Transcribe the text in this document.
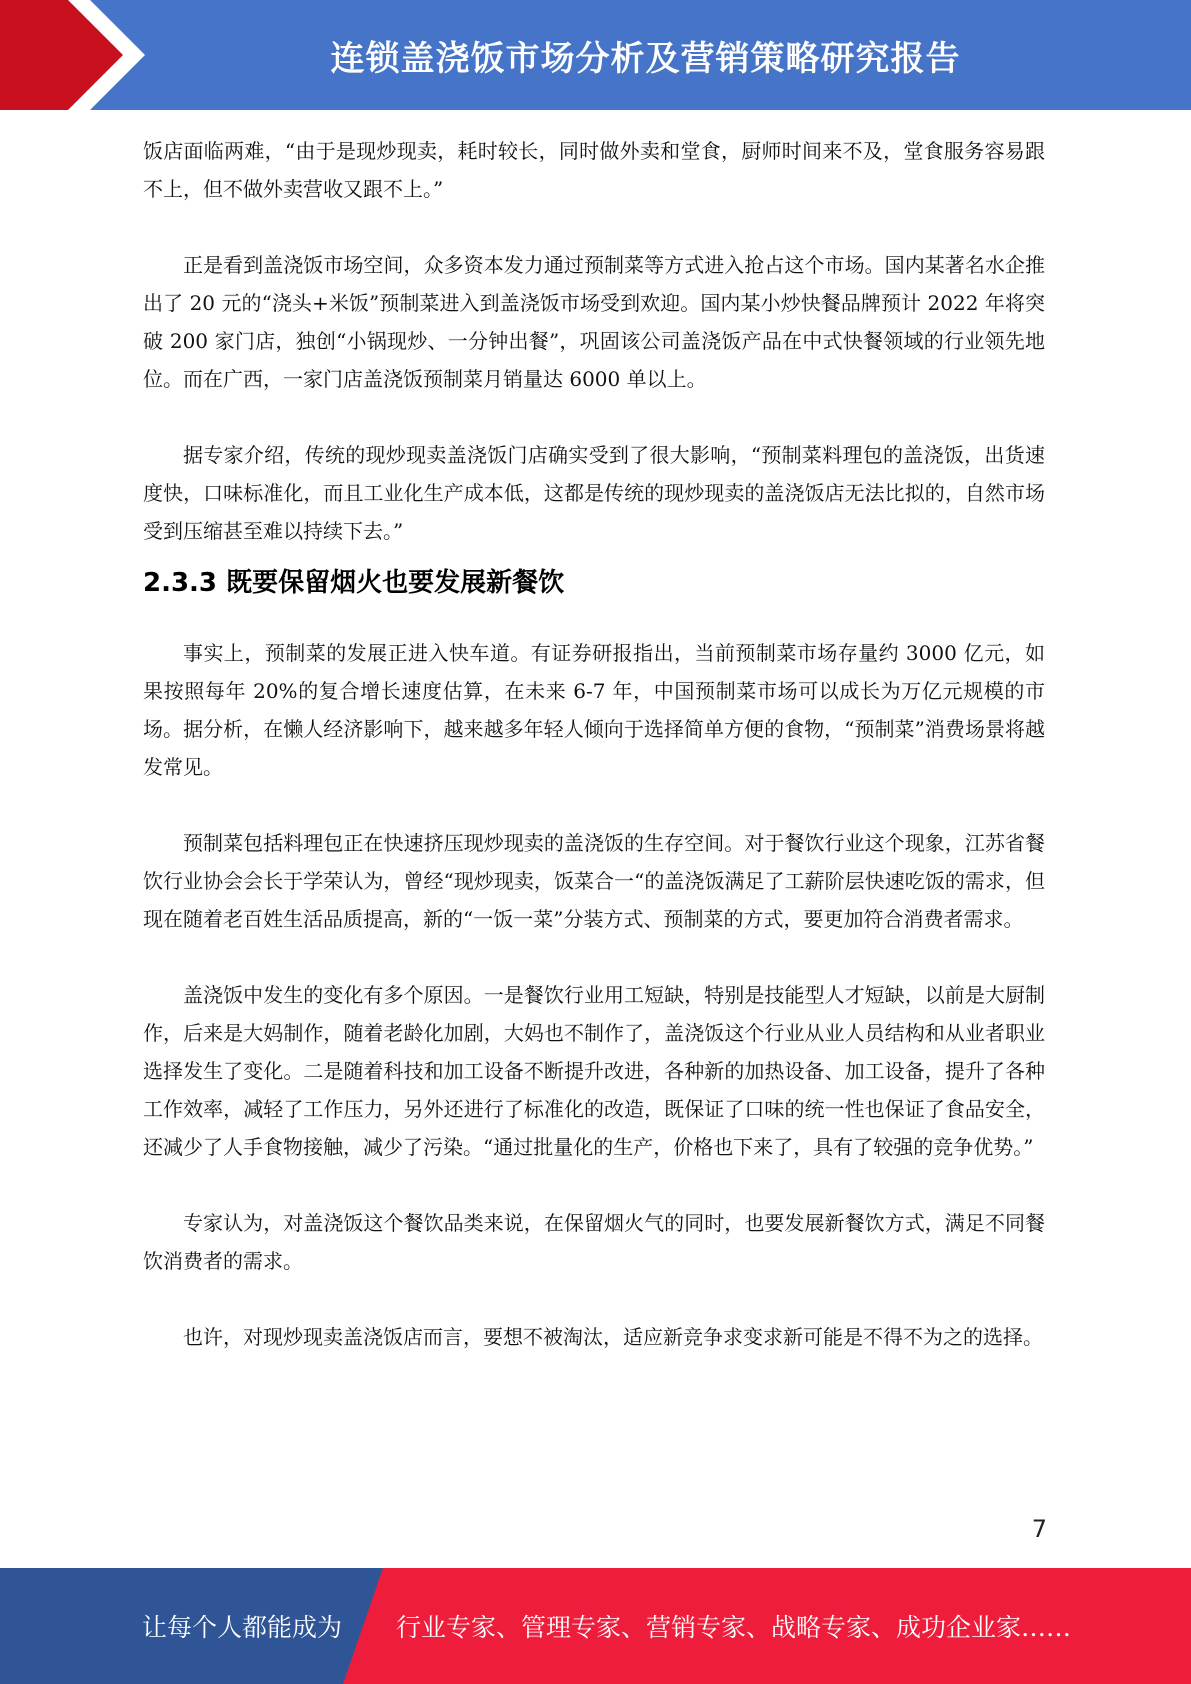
连锁盖浇饭市场分析及营销策略研究报告

饭店面临两难，“由于是现炒现卖，耗时较长，同时做外卖和堂食，厨师时间来不及，堂食服务容易跟不上，但不做外卖营收又跟不上。”

正是看到盖浇饭市场空间，众多资本发力通过预制菜等方式进入抢占这个市场。国内某著名水企推出了 20 元的“浇头+米饭”预制菜进入到盖浇饭市场受到欢迎。国内某小炒快餐品牌预计 2022 年将突破 200 家门店，独创“小锅现炒、一分钟出餐”，巩固该公司盖浇饭产品在中式快餐领域的行业领先地位。而在广西，一家门店盖浇饭预制菜月销量达 6000 单以上。

据专家介绍，传统的现炒现卖盖浇饭门店确实受到了很大影响，“预制菜料理包的盖浇饭，出货速度快，口味标准化，而且工业化生产成本低，这都是传统的现炒现卖的盖浇饭店无法比拟的，自然市场受到压缩甚至难以持续下去。”

2.3.3 既要保留烟火也要发展新餐饮

事实上，预制菜的发展正进入快车道。有证券研报指出，当前预制菜市场存量约 3000 亿元，如果按照每年 20%的复合增长速度估算，在未来 6-7 年，中国预制菜市场可以成长为万亿元规模的市场。据分析，在懒人经济影响下，越来越多年轻人倾向于选择简单方便的食物，“预制菜”消费场景将越发常见。

预制菜包括料理包正在快速挤压现炒现卖的盖浇饭的生存空间。对于餐饮行业这个现象，江苏省餐饮行业协会会长于学荣认为，曾经“现炒现卖，饭菜合一“的盖浇饭满足了工薪阶层快速吃饭的需求，但现在随着老百姓生活品质提高，新的“一饭一菜”分装方式、预制菜的方式，要更加符合消费者需求。

盖浇饭中发生的变化有多个原因。一是餐饮行业用工短缺，特别是技能型人才短缺，以前是大厨制作，后来是大妈制作，随着老龄化加剧，大妈也不制作了，盖浇饭这个行业从业人员结构和从业者职业选择发生了变化。二是随着科技和加工设备不断提升改进，各种新的加热设备、加工设备，提升了各种工作效率，减轻了工作压力，另外还进行了标准化的改造，既保证了口味的统一性也保证了食品安全，还减少了人手食物接触，减少了污染。“通过批量化的生产，价格也下来了，具有了较强的竞争优势。”

专家认为，对盖浇饭这个餐饮品类来说，在保留烟火气的同时，也要发展新餐饮方式，满足不同餐饮消费者的需求。

也许，对现炒现卖盖浇饭店而言，要想不被淘汰，适应新竞争求变求新可能是不得不为之的选择。

7
让每个人都能成为 行业专家、管理专家、营销专家、战略专家、成功企业家……
